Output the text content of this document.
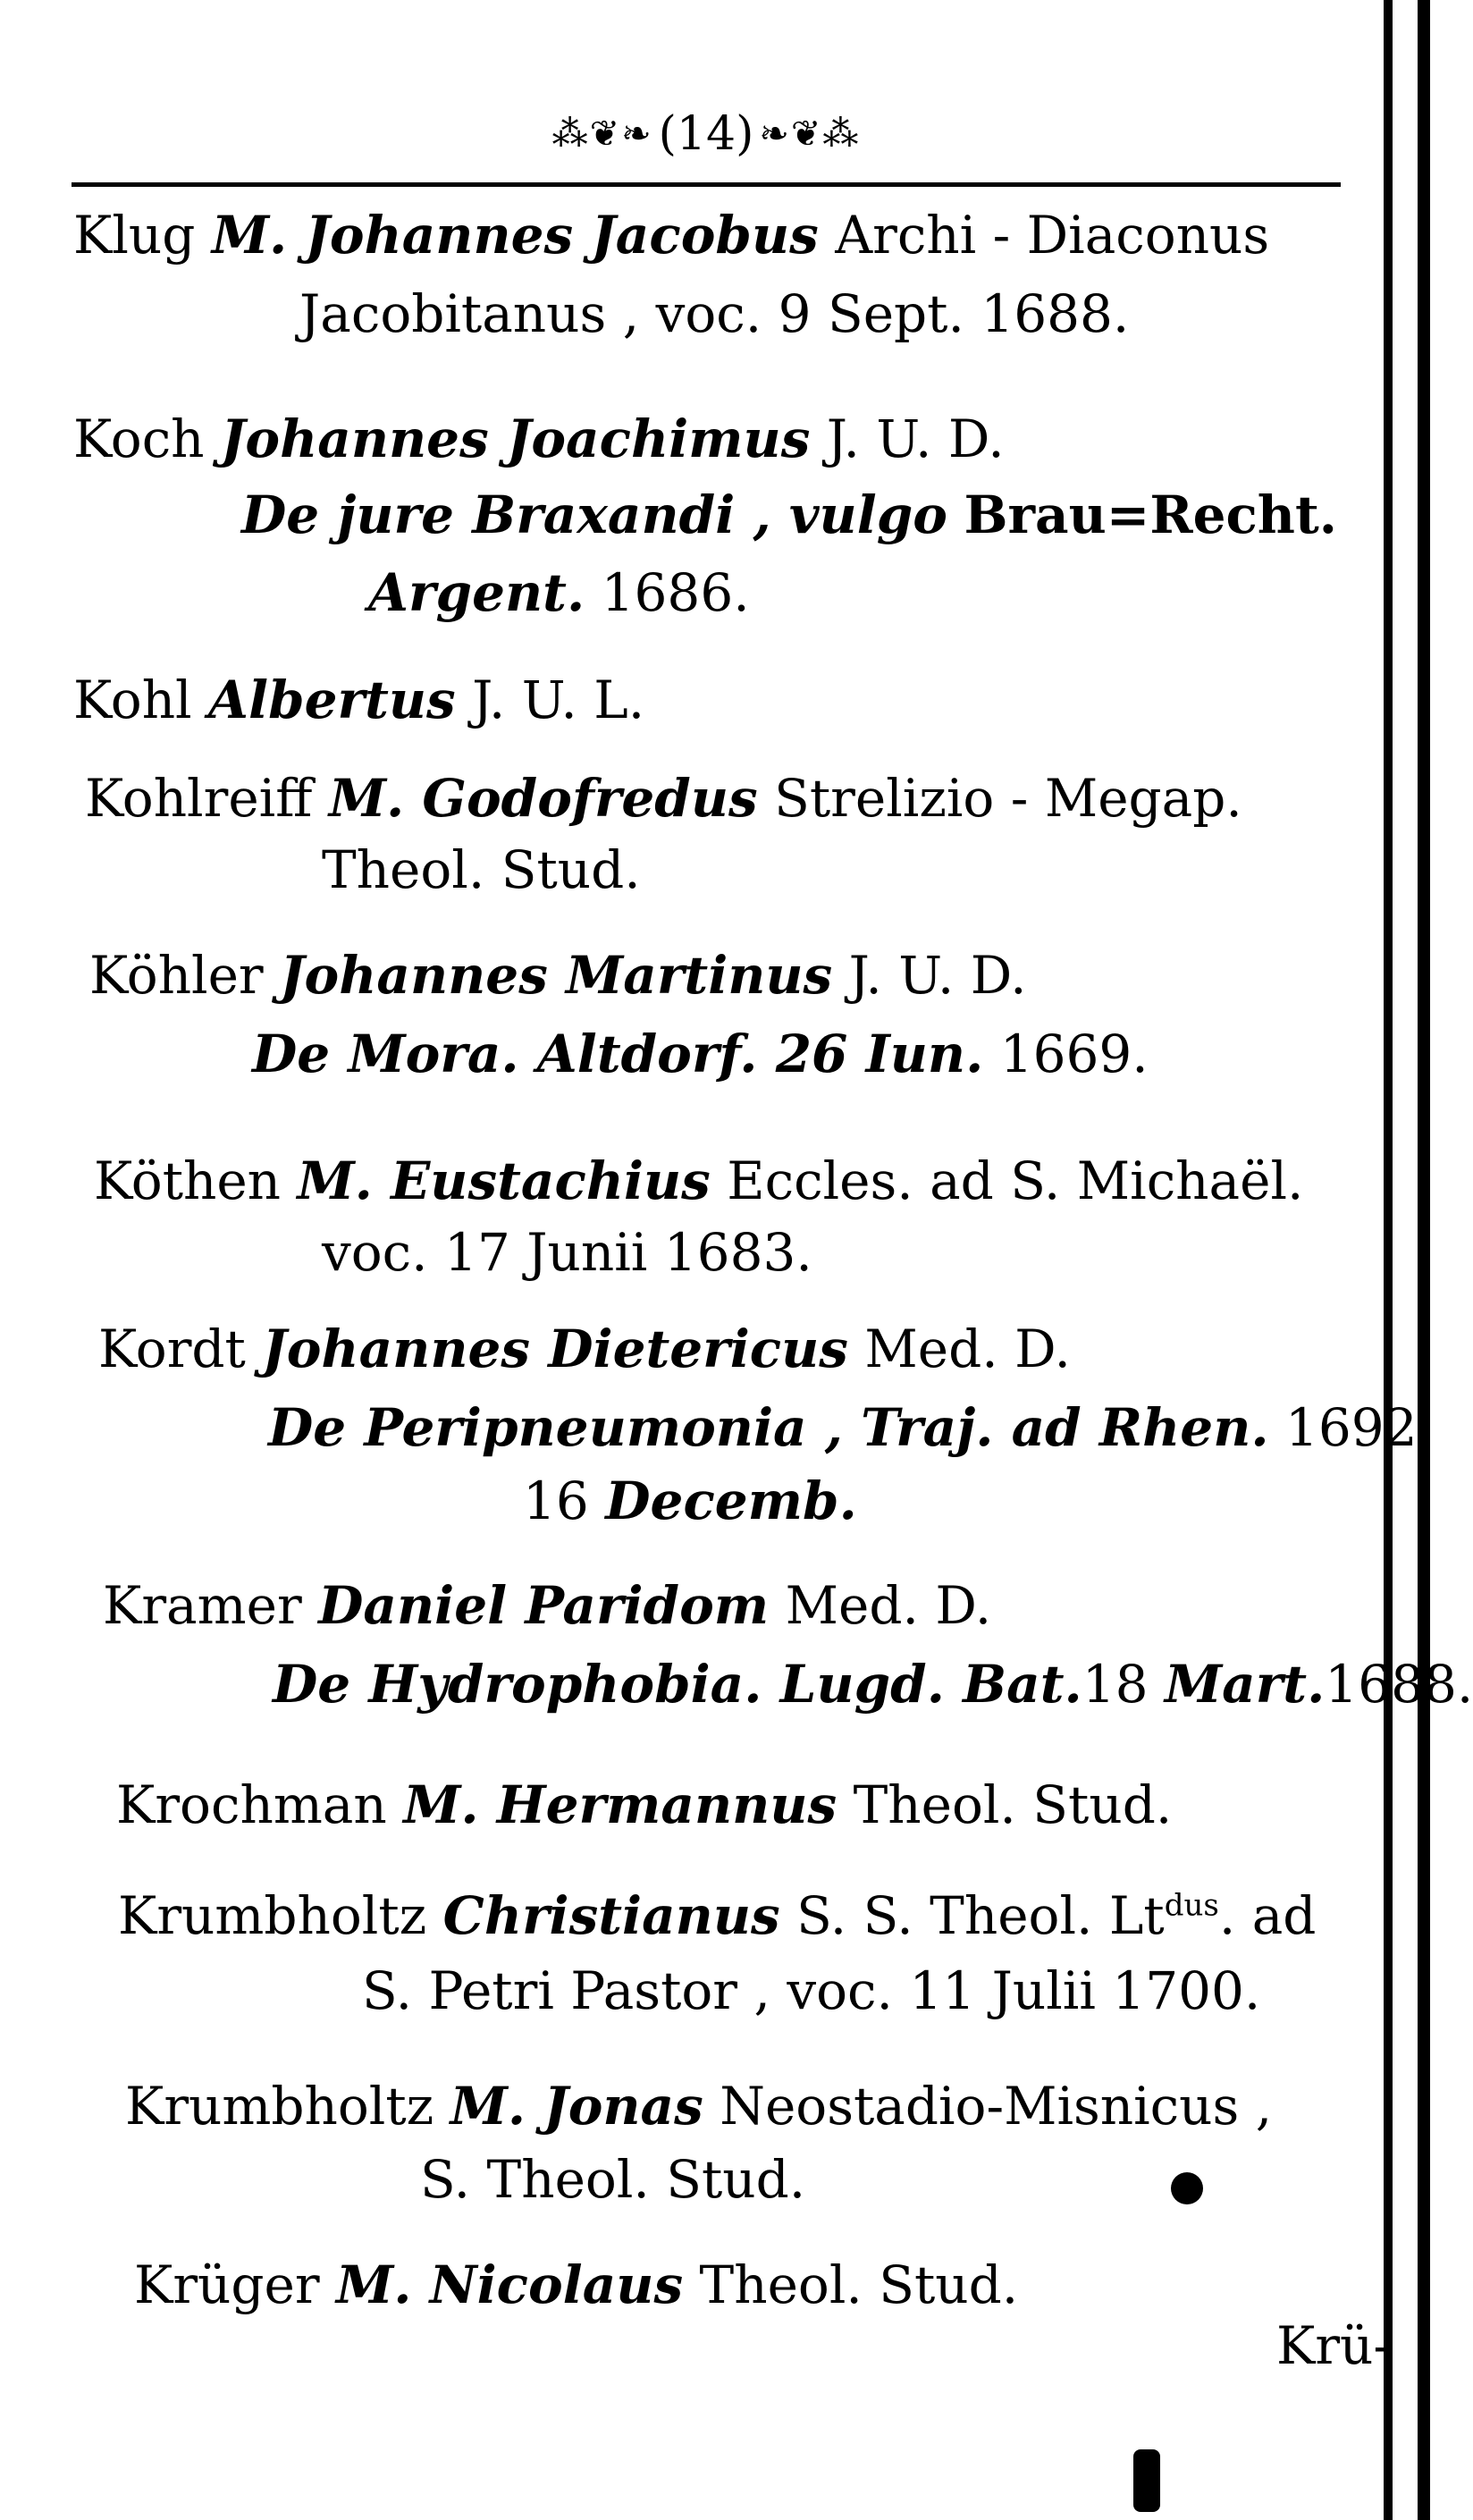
⁂❦❧ (14) ❧❦⁂
Klug M. Johannes Jacobus Archi - Diaconus
Jacobitanus , voc. 9 Sept. 1688.
Koch Johannes Joachimus J. U. D.
De jure Braxandi , vulgo Brau=Recht.
Argent. 1686.
Kohl Albertus J. U. L.
Kohlreiff M. Godofredus Strelizio - Megap.
Theol. Stud.
Köhler Johannes Martinus J. U. D.
De Mora. Altdorf. 26 Iun. 1669.
Köthen M. Eustachius Eccles. ad S. Michaël.
voc. 17 Junii 1683.
Kordt Johannes Dietericus Med. D.
De Peripneumonia , Traj. ad Rhen. 1692.
16 Decemb.
Kramer Daniel Paridom Med. D.
De Hydrophobia. Lugd. Bat.18 Mart.1688.
Krochman M. Hermannus Theol. Stud.
Krumbholtz Christianus S. S. Theol. $Lt^{dus}$. ad
S. Petri Pastor , voc. 11 Julii 1700.
Krumbholtz M. Jonas Neostadio-Misnicus ,
S. Theol. Stud.
Krüger M. Nicolaus Theol. Stud.
Krü-
